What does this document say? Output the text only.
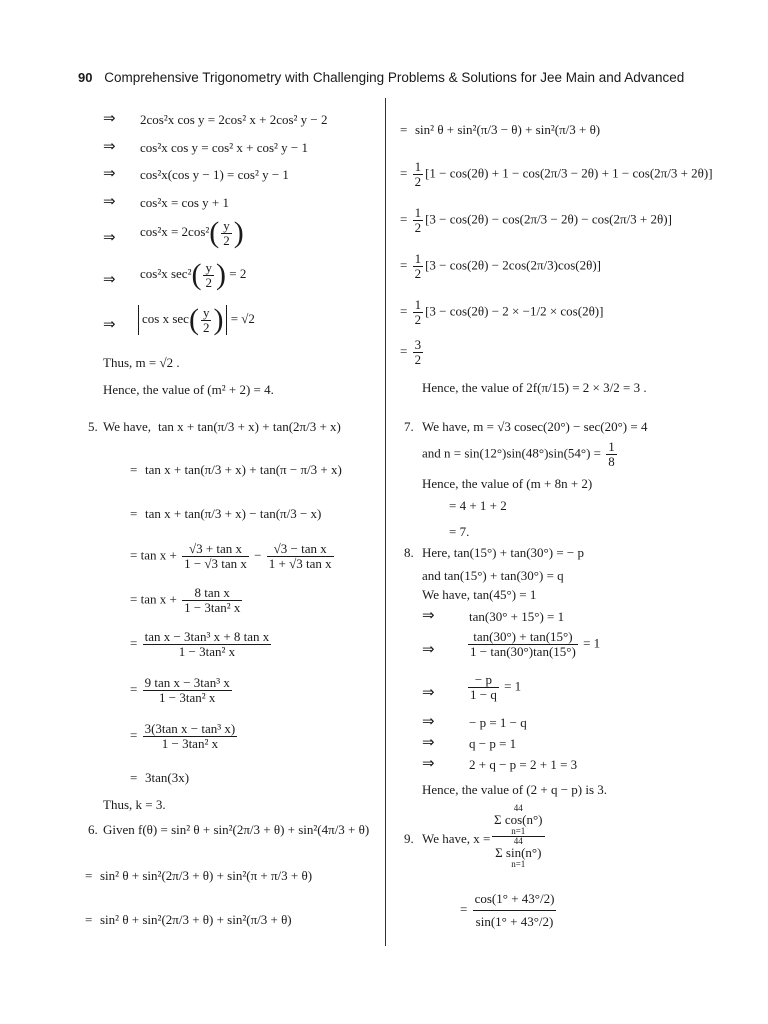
90 Comprehensive Trigonometry with Challenging Problems & Solutions for Jee Main and Advanced
⇒ 2cos²x cos y = 2cos² x + 2cos² y − 2
⇒ cos²x cos y = cos² x + cos² y − 1
⇒ cos²x(cos y − 1) = cos² y − 1
⇒ cos²x = cos y + 1
⇒ $\cos^2x = 2\cos^2( \frac{y}{2}$ )
⇒ cos²x $\sec^2( \frac{y}{2}$ ) = 2
⇒	cos x $\sec( \frac{y}{2}$ ) = √2
Thus, m = √2 .
Hence, the value of (m² + 2) = 4.
5. We have, tan x + tan(π/3 + x) + tan(2π/3 + x)
= tan x + tan(π/3 + x) + tan(π − π/3 + x)
= tan x + tan(π/3 + x) − tan(π/3 − x)
= $\tan x + \frac{\text{√3 + tan x}}{\text{1 − √3 tan x}} - \frac{\text{√3 − tan x}}{\text{1 + √3 tan x}}$
= $\tan x + \frac{\text{8 tan x}}{\text{1 − 3tan² x}}$
= $\frac{\text{tan x − 3tan³ x + 8 tan x}}{\text{1 − 3tan² x}}$
= $\frac{\text{9 tan x − 3tan³ x}}{\text{1 − 3tan² x}}$
= $\frac{\text{3(3tan x − tan³ x)}}{\text{1 − 3tan² x}}$
= 3tan(3x)
Thus, k = 3.
6. Given f(θ) = sin² θ + sin²(2π/3 + θ) + sin²(4π/3 + θ)
= sin² θ + sin²(2π/3 + θ) + sin²(π + π/3 + θ)
= sin² θ + sin²(2π/3 + θ) + sin²(π/3 + θ)
= sin² θ + sin²(π/3 − θ) + sin²(π/3 + θ)
= $\frac{1}{2} [1 - \cos(2\theta) + 1 - \cos(2\pi/3 - 2\theta) + 1 - \cos(2\pi/3 + 2\theta)]$
= $\frac{1}{2} [3 - \cos(2\theta) - \cos(2\pi/3 - 2\theta) - \cos(2\pi/3 + 2\theta)]$
= $\frac{1}{2} [3 - \cos(2\theta) - 2\cos(2\pi/3)\cos(2\theta)]$
= $\frac{1}{2} [3 - \cos(2\theta) - 2 \times -1/2 \times \cos(2\theta)]$
= $\frac{3}{2}$
Hence, the value of 2f(π/15) = 2 × 3/2 = 3 .
7. We have, m = √3 cosec(20°) − sec(20°) = 4
and $n = \sin(12^\circ)\sin(48^\circ)\sin(54^\circ) = \frac{1}{8}$
Hence, the value of (m + 8n + 2)
= 4 + 1 + 2
= 7.
8. Here, tan(15°) + tan(30°) = − p
and tan(15°) + tan(30°) = q
We have, tan(45°) = 1
⇒	tan(30° + 15°) = 1
⇒	$\frac{\tan(30^\circ) + \tan(15^\circ)}{1 - \tan(30^\circ)\tan(15^\circ)} = 1$
⇒	$\frac{- p}{1 - q} = 1$
⇒	− p = 1 − q
⇒	q − p = 1
⇒	2 + q − p = 2 + 1 = 3
Hence, the value of (2 + q − p) is 3.
9. We have, x = 44
Σ cos(n°)
n=1
44
Σ sin(n°)
n=1
= $\frac{\cos(1^\circ + 43^\circ/2)}{\sin(1^\circ + 43^\circ/2)}$
